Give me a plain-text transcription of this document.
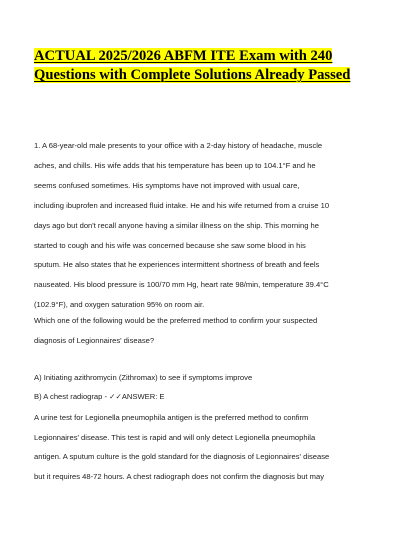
ACTUAL 2025/2026 ABFM ITE Exam with 240
Questions with Complete Solutions Already Passed
1. A 68-year-old male presents to your office with a 2-day history of headache, muscle
aches, and chills. His wife adds that his temperature has been up to 104.1°F and he
seems confused sometimes. His symptoms have not improved with usual care,
including ibuprofen and increased fluid intake. He and his wife returned from a cruise 10
days ago but don't recall anyone having a similar illness on the ship. This morning he
started to cough and his wife was concerned because she saw some blood in his
sputum. He also states that he experiences intermittent shortness of breath and feels
nauseated. His blood pressure is 100/70 mm Hg, heart rate 98/min, temperature 39.4°C
(102.9°F), and oxygen saturation 95% on room air.
Which one of the following would be the preferred method to confirm your suspected
diagnosis of Legionnaires' disease?
A) Initiating azithromycin (Zithromax) to see if symptoms improve
B) A chest radiograp - ✓✓ANSWER: E
A urine test for Legionella pneumophila antigen is the preferred method to confirm
Legionnaires' disease. This test is rapid and will only detect Legionella pneumophila
antigen. A sputum culture is the gold standard for the diagnosis of Legionnaires' disease
but it requires 48-72 hours. A chest radiograph does not confirm the diagnosis but may
